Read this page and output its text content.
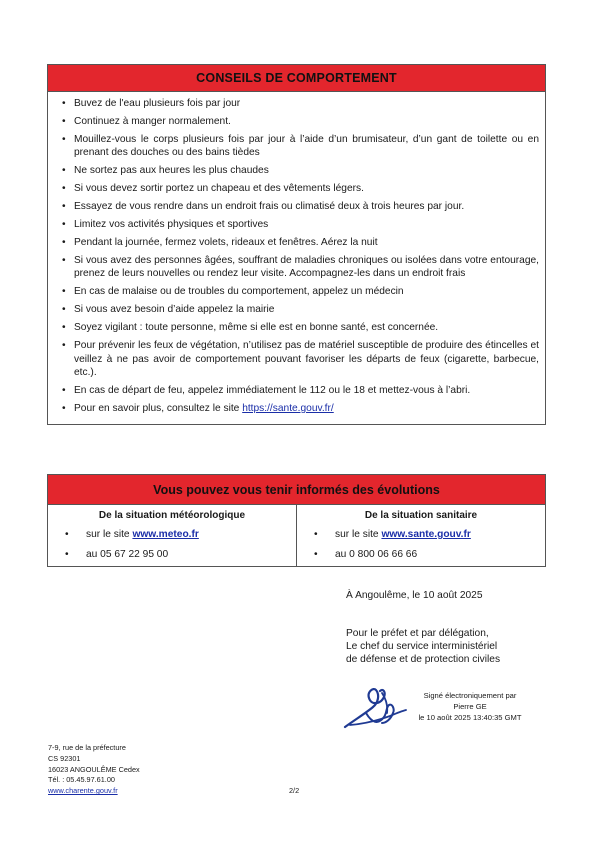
CONSEILS DE COMPORTEMENT
• Buvez de l'eau plusieurs fois par jour
• Continuez à manger normalement.
• Mouillez-vous le corps plusieurs fois par jour à l’aide d’un brumisateur, d’un gant de toilette ou en prenant des douches ou des bains tièdes
• Ne sortez pas aux heures les plus chaudes
• Si vous devez sortir portez un chapeau et des vêtements légers.
• Essayez de vous rendre dans un endroit frais ou climatisé deux à trois heures par jour.
• Limitez vos activités physiques et sportives
• Pendant la journée, fermez volets, rideaux et fenêtres. Aérez la nuit
• Si vous avez des personnes âgées, souffrant de maladies chroniques ou isolées dans votre entourage, prenez de leurs nouvelles ou rendez leur visite. Accompagnez-les dans un endroit frais
• En cas de malaise ou de troubles du comportement, appelez un médecin
• Si vous avez besoin d’aide appelez la mairie
• Soyez vigilant : toute personne, même si elle est en bonne santé, est concernée.
• Pour prévenir les feux de végétation, n’utilisez pas de matériel susceptible de produire des étincelles et veillez à ne pas avoir de comportement pouvant favoriser les départs de feux (cigarette, barbecue, etc.).
• En cas de départ de feu, appelez immédiatement le 112 ou le 18 et mettez-vous à l’abri.
• Pour en savoir plus, consultez le site https://sante.gouv.fr/
Vous pouvez vous tenir informés des évolutions
De la situation météorologique
• sur le site www.meteo.fr
• au 05 67 22 95 00
De la situation sanitaire
• sur le site www.sante.gouv.fr
• au 0 800 06 66 66
À Angoulême, le 10 août 2025
Pour le préfet et par délégation,
Le chef du service interministériel
de défense et de protection civiles
Signé électroniquement par
Pierre GE
le 10 août 2025 13:40:35 GMT
7-9, rue de la préfecture
CS 92301
16023 ANGOULÊME Cedex
Tél. : 05.45.97.61.00
www.charente.gouv.fr	2/2
